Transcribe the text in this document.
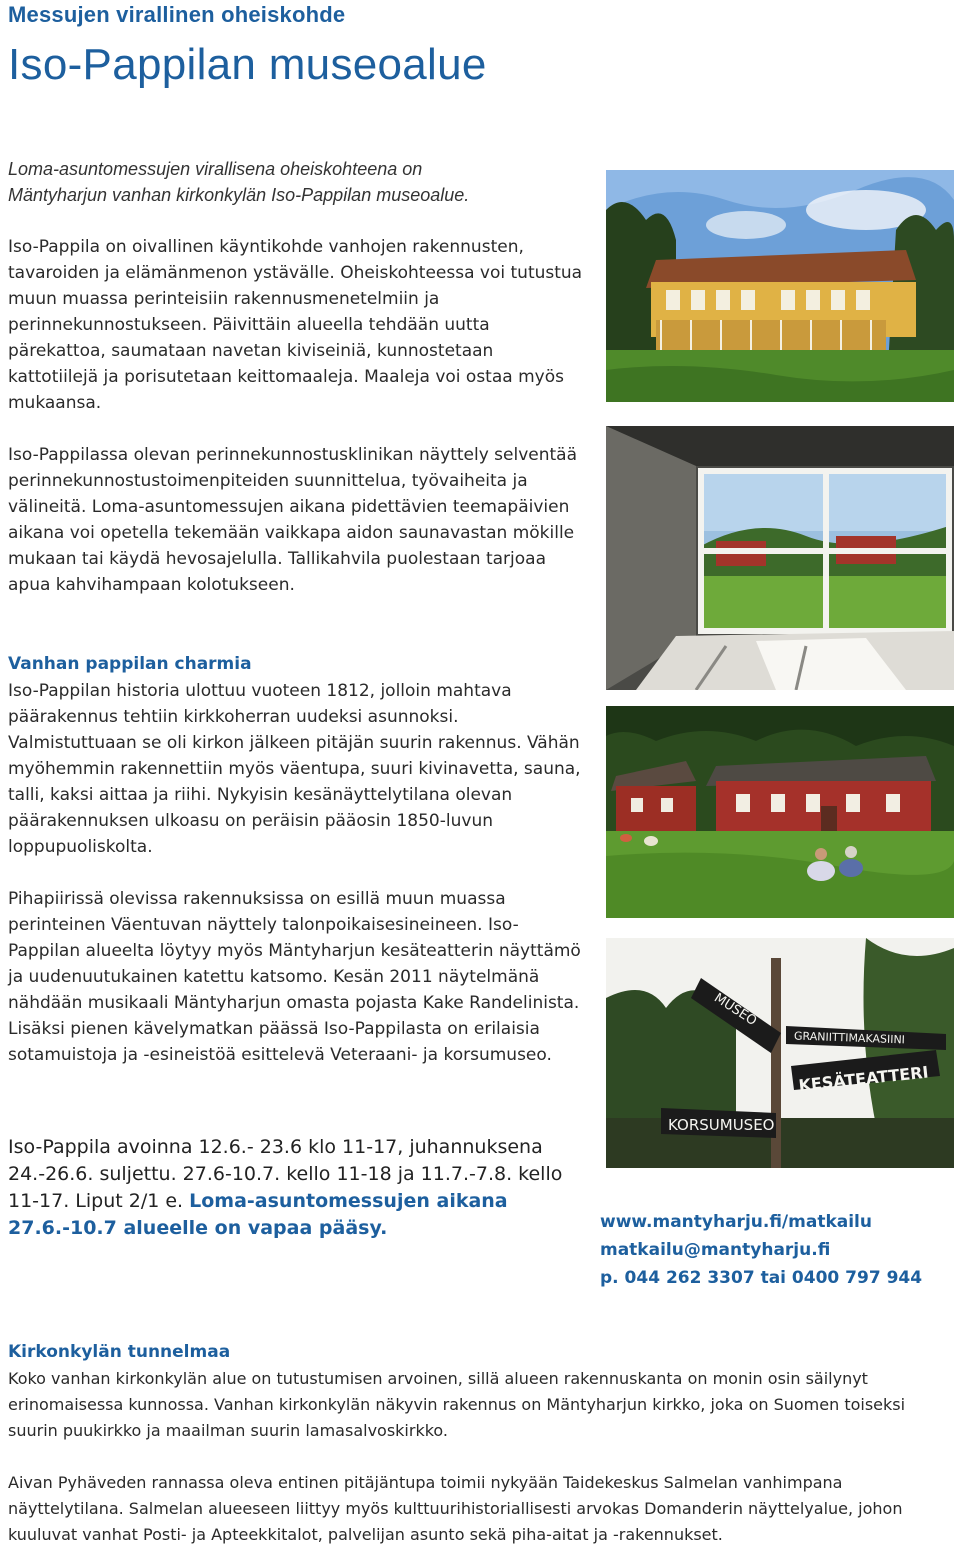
Messujen virallinen oheiskohde
Iso-Pappilan museoalue
Loma-asuntomessujen virallisena oheiskohteena on
Mäntyharjun vanhan kirkonkylän Iso-Pappilan museoalue.
Iso-Pappila on oivallinen käyntikohde vanhojen rakennusten, tavaroiden ja elämänmenon ystävälle. Oheiskohteessa voi tutustua muun muassa perinteisiin rakennusmenetelmiin ja perinnekunnostukseen. Päivittäin alueella tehdään uutta pärekattoa, saumataan navetan kiviseiniä, kunnostetaan kattotiilejä ja porisutetaan keittomaaleja. Maaleja voi ostaa myös mukaansa.
Iso-Pappilassa olevan perinnekunnostusklinikan näyttely selventää perinnekunnostustoimenpiteiden suunnittelua, työvaiheita ja välineitä. Loma-asuntomessujen aikana pidettävien teemapäivien aikana voi opetella tekemään vaikkapa aidon saunavastan mökille mukaan tai käydä hevosajelulla. Tallikahvila puolestaan tarjoaa apua kahvihampaan kolotukseen.
Vanhan pappilan charmia
Iso-Pappilan historia ulottuu vuoteen 1812, jolloin mahtava päärakennus tehtiin kirkkoherran uudeksi asunnoksi. Valmistuttuaan se oli kirkon jälkeen pitäjän suurin rakennus. Vähän myöhemmin rakennettiin myös väentupa, suuri kivinavetta, sauna, talli, kaksi aittaa ja riihi. Nykyisin kesänäyttelytilana olevan päärakennuksen ulkoasu on peräisin pääosin 1850-luvun loppupuoliskolta.
Pihapiirissä olevissa rakennuksissa on esillä muun muassa perinteinen Väentuvan näyttely talonpoikaisesineineen. Iso-Pappilan alueelta löytyy myös Mäntyharjun kesäteatterin näyttämö ja uudenuutukainen katettu katsomo. Kesän 2011 näytelmänä nähdään musikaali Mäntyharjun omasta pojasta Kake Randelinista. Lisäksi pienen kävelymatkan päässä Iso-Pappilasta on erilaisia sotamuistoja ja -esineistöä esittelevä Veteraani- ja korsumuseo.
Iso-Pappila avoinna 12.6.- 23.6 klo 11-17, juhannuksena 24.-26.6. suljettu. 27.6-10.7. kello 11-18 ja 11.7.-7.8. kello 11-17. Liput 2/1 e. Loma-asuntomessujen aikana 27.6.-10.7 alueelle on vapaa pääsy.	www.mantyharju.fi/matkailu
matkailu@mantyharju.fi
p. 044 262 3307 tai 0400 797 944
Kirkonkylän tunnelmaa
Koko vanhan kirkonkylän alue on tutustumisen arvoinen, sillä alueen rakennuskanta on monin osin säilynyt erinomaisessa kunnossa. Vanhan kirkonkylän näkyvin rakennus on Mäntyharjun kirkko, joka on Suomen toiseksi suurin puukirkko ja maailman suurin lamasalvoskirkko.
Aivan Pyhäveden rannassa oleva entinen pitäjäntupa toimii nykyään Taidekeskus Salmelan vanhimpana näyttelytilana. Salmelan alueeseen liittyy myös kulttuurihistoriallisesti arvokas Domanderin näyttelyalue, johon kuuluvat vanhat Posti- ja Apteekkitalot, palvelijan asunto sekä piha-aitat ja -rakennukset.
MUSEO
GRANIITTIMAKASIINI
KESÄTEATTERI
KORSUMUSEO
